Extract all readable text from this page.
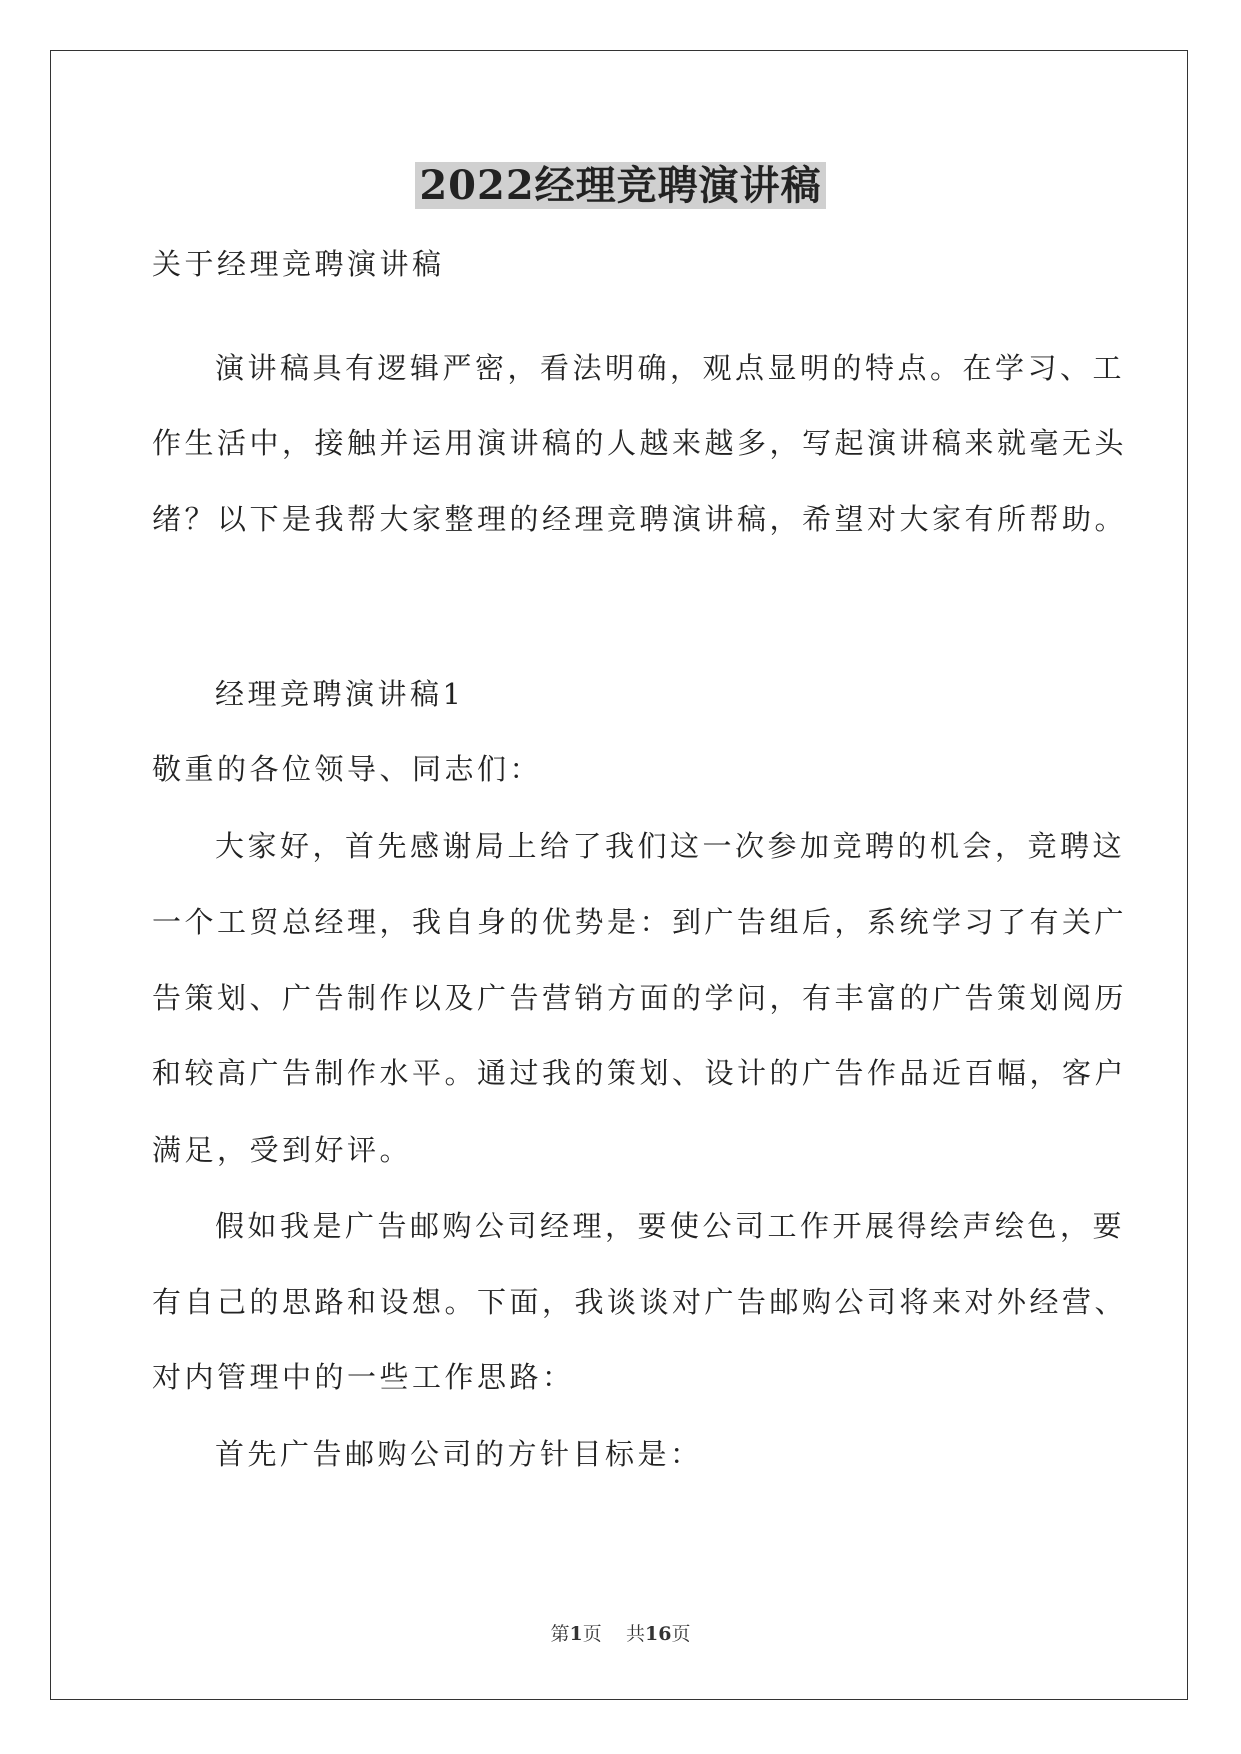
2022经理竞聘演讲稿

关于经理竞聘演讲稿

演讲稿具有逻辑严密，看法明确，观点显明的特点。在学习、工

作生活中，接触并运用演讲稿的人越来越多，写起演讲稿来就毫无头

绪？以下是我帮大家整理的经理竞聘演讲稿，希望对大家有所帮助。

经理竞聘演讲稿1

敬重的各位领导、同志们：

大家好，首先感谢局上给了我们这一次参加竞聘的机会，竞聘这

一个工贸总经理，我自身的优势是：到广告组后，系统学习了有关广

告策划、广告制作以及广告营销方面的学问，有丰富的广告策划阅历

和较高广告制作水平。通过我的策划、设计的广告作品近百幅，客户

满足，受到好评。

假如我是广告邮购公司经理，要使公司工作开展得绘声绘色，要

有自己的思路和设想。下面，我谈谈对广告邮购公司将来对外经营、

对内管理中的一些工作思路：

首先广告邮购公司的方针目标是：

第1页 共16页
